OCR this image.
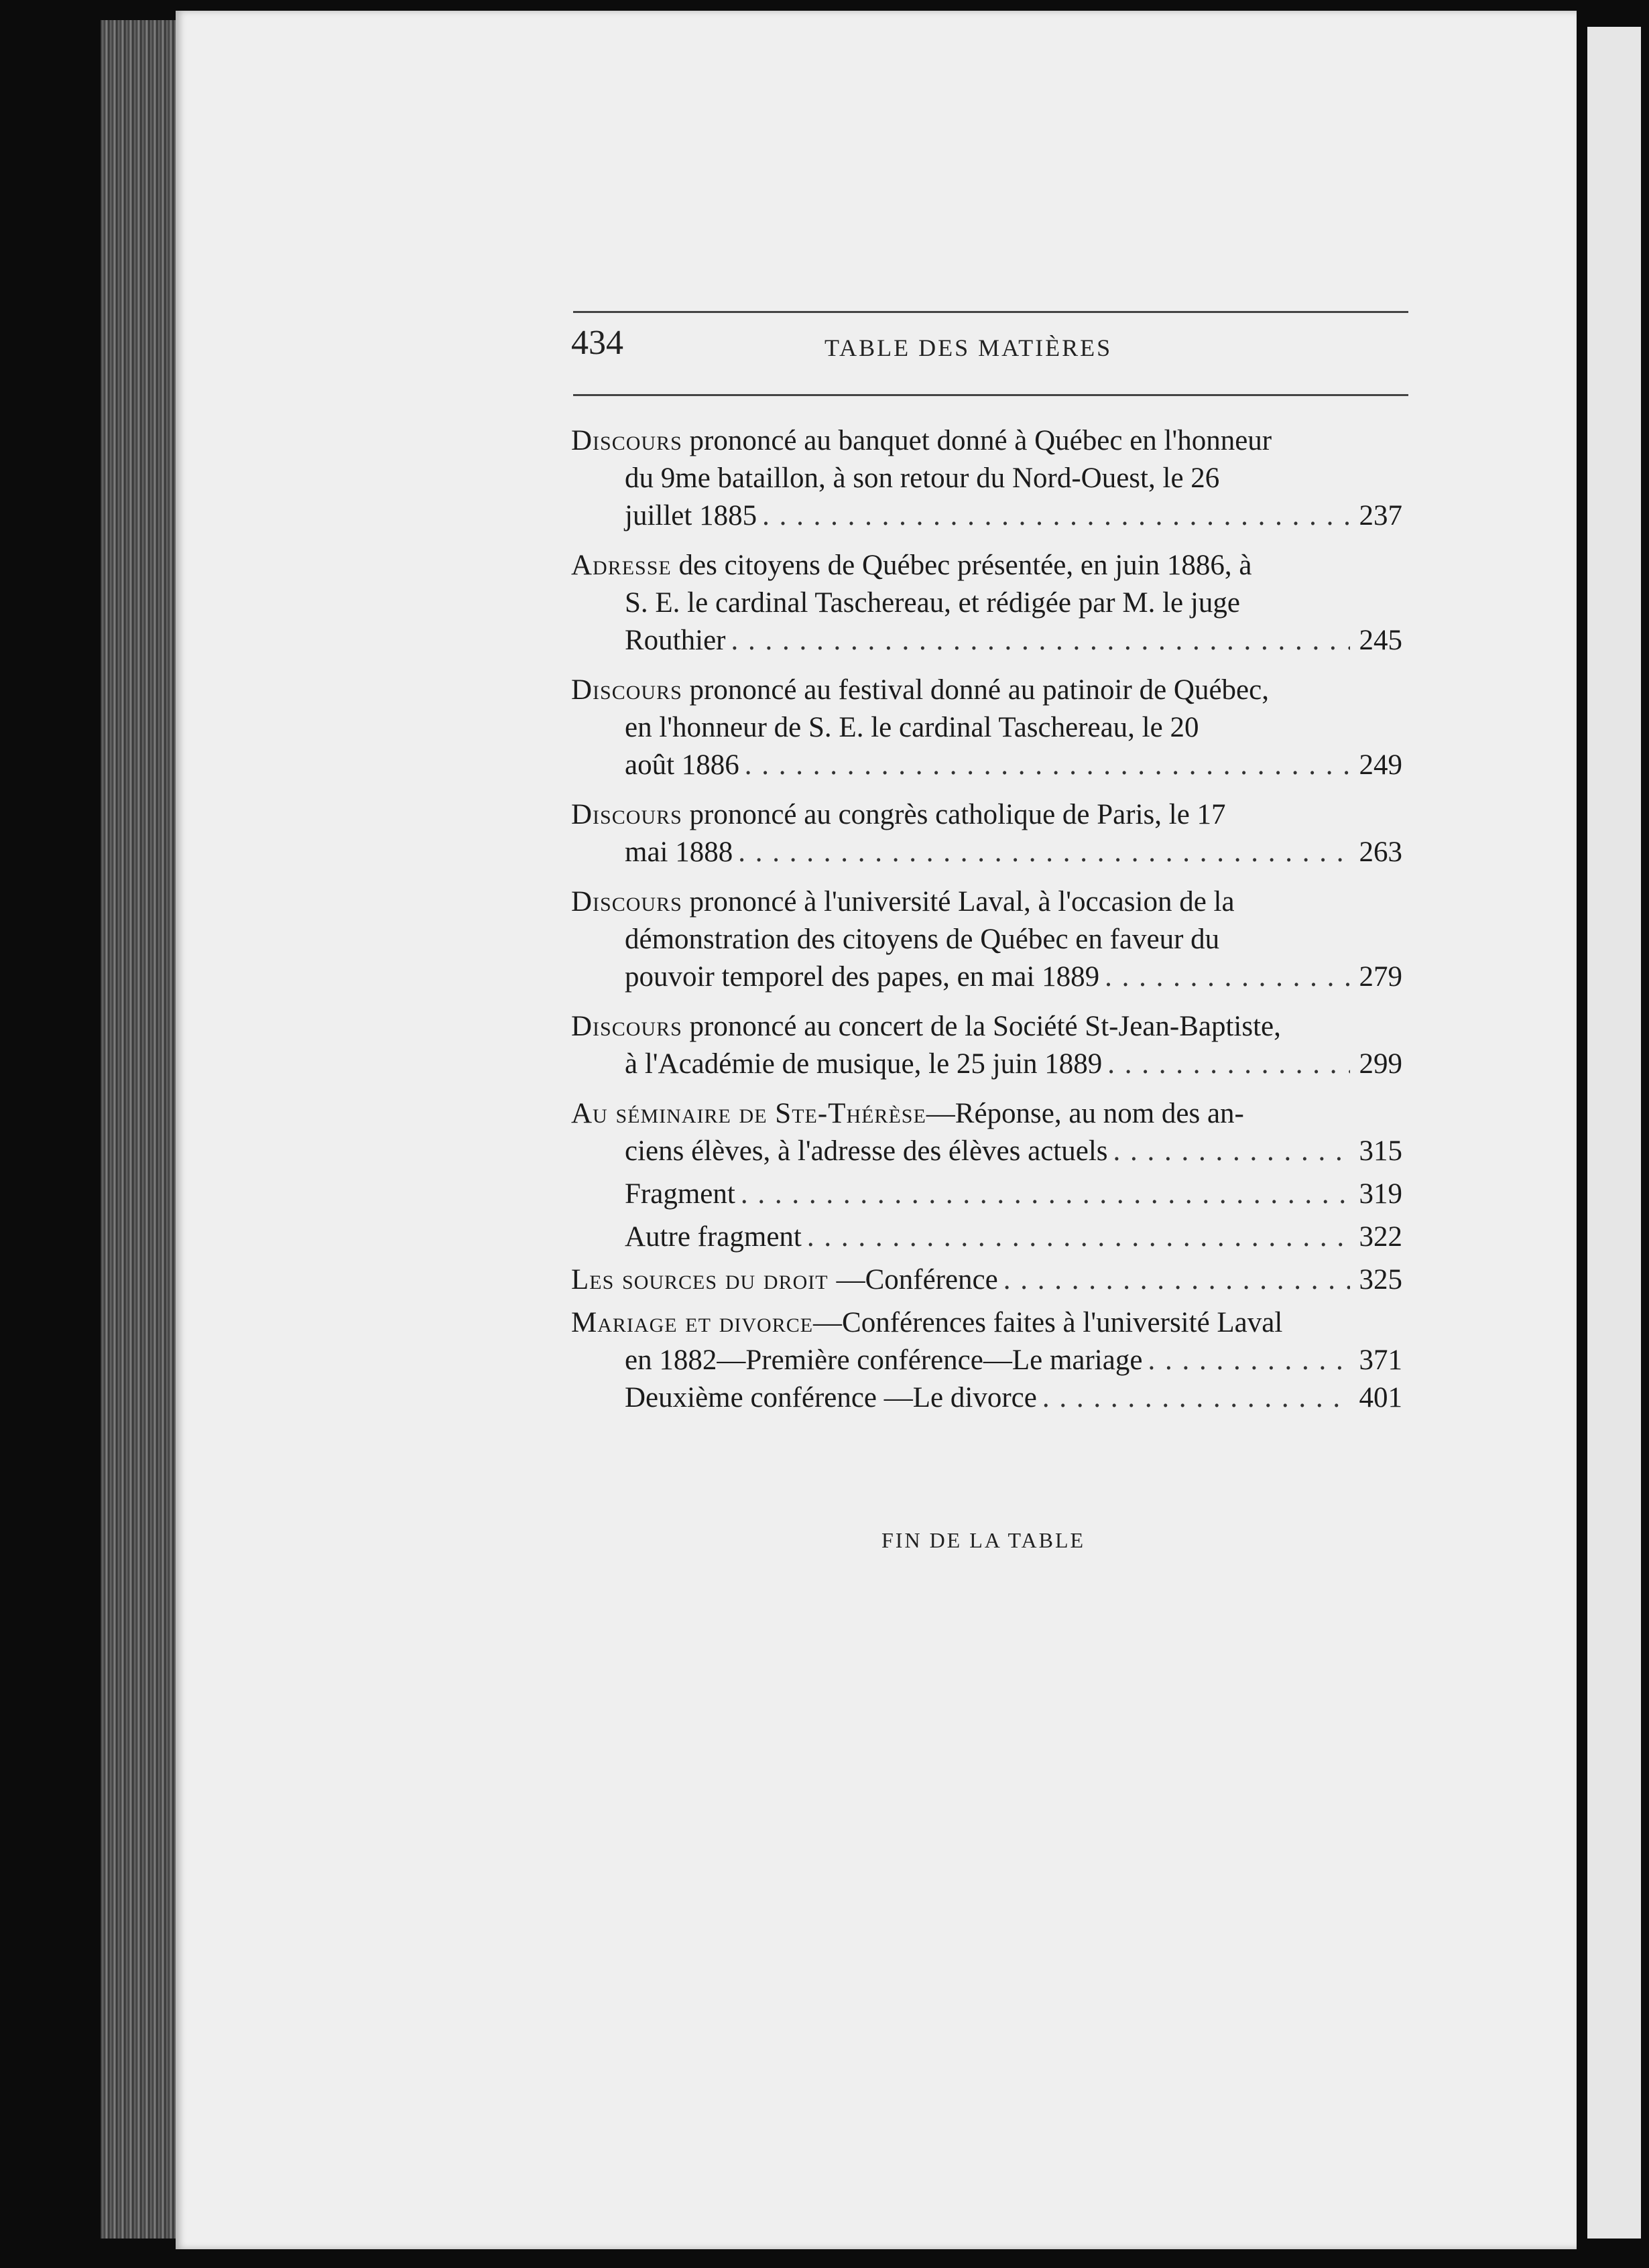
434	TABLE DES MATIÈRES
Discours prononcé au banquet donné à Québec en l'honneur
du 9me bataillon, à son retour du Nord-Ouest, le 26
juillet 1885 . . .	237
Adresse des citoyens de Québec présentée, en juin 1886, à
S. E. le cardinal Taschereau, et rédigée par M. le juge
Routhier . . .	245
Discours prononcé au festival donné au patinoir de Québec,
en l'honneur de S. E. le cardinal Taschereau, le 20
août 1886 . . .	249
Discours prononcé au congrès catholique de Paris, le 17
mai 1888 . . .	263
Discours prononcé à l'université Laval, à l'occasion de la
démonstration des citoyens de Québec en faveur du
pouvoir temporel des papes, en mai 1889 . . .	279
Discours prononcé au concert de la Société St-Jean-Baptiste,
à l'Académie de musique, le 25 juin 1889 . . .	299
Au séminaire de Ste-Thérèse—Réponse, au nom des an-
ciens élèves, à l'adresse des élèves actuels . . .	315
Fragment . . .	319
Autre fragment . . .	322
Les sources du droit —Conférence . . .	325
Mariage et divorce—Conférences faites à l'université Laval
en 1882—Première conférence—Le mariage . . .	371
Deuxième conférence —Le divorce . . .	401
FIN DE LA TABLE
